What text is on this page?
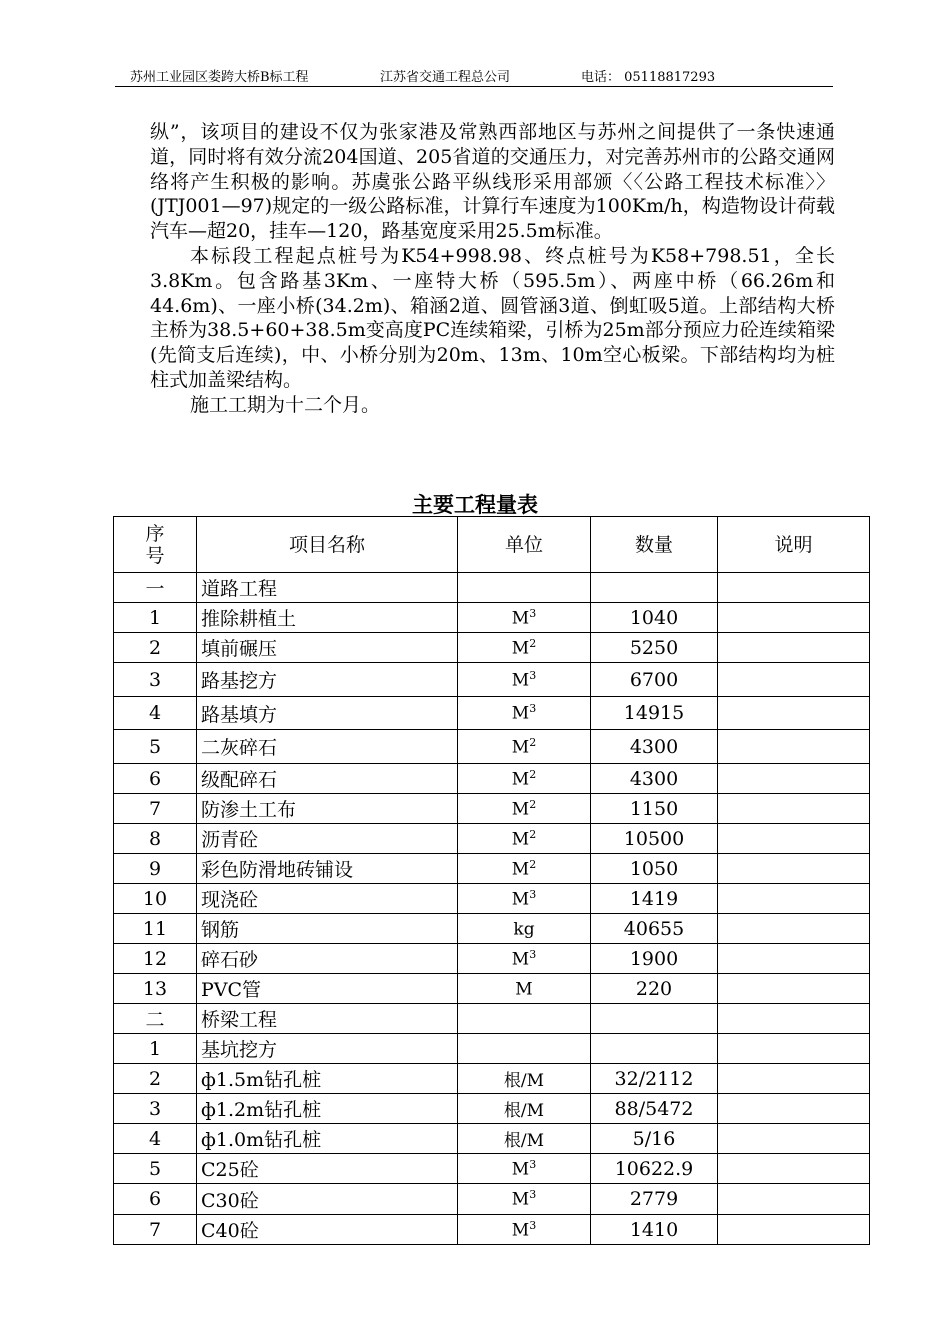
苏州工业园区娄跨大桥B标工程	江苏省交通工程总公司	电话： 05118817293

纵”，该项目的建设不仅为张家港及常熟西部地区与苏州之间提供了一条快速通道，同时将有效分流204国道、205省道的交通压力，对完善苏州市的公路交通网络将产生积极的影响。苏虞张公路平纵线形采用部颁〈〈公路工程技术标准〉〉(JTJ001—97)规定的一级公路标准，计算行车速度为100Km/h，构造物设计荷载汽车—超20，挂车—120，路基宽度采用25.5m标准。

本标段工程起点桩号为K54+998.98、终点桩号为K58+798.51，全长3.8Km。包含路基3Km、一座特大桥（595.5m）、两座中桥（66.26m和44.6m)、一座小桥(34.2m)、箱涵2道、圆管涵3道、倒虹吸5道。上部结构大桥主桥为38.5+60+38.5m变高度PC连续箱梁，引桥为25m部分预应力砼连续箱梁(先简支后连续)，中、小桥分别为20m、13m、10m空心板梁。下部结构均为桩柱式加盖梁结构。

施工工期为十二个月。

主要工程量表
序号	项目名称	单位	数量	说明
一	道路工程			
1	推除耕植土	$M^3$	1040	
2	填前碾压	$M^2$	5250	
3	路基挖方	$M^3$	6700	
4	路基填方	$M^3$	14915	
5	二灰碎石	$M^2$	4300	
6	级配碎石	$M^2$	4300	
7	防渗土工布	$M^2$	1150	
8	沥青砼	$M^2$	10500	
9	彩色防滑地砖铺设	$M^2$	1050	
10	现浇砼	$M^3$	1419	
11	钢筋	kg	40655	
12	碎石砂	$M^3$	1900	
13	PVC管	M	220	
二	桥梁工程			
1	基坑挖方			
2	ф1.5m钻孔桩	根/M	32/2112	
3	ф1.2m钻孔桩	根/M	88/5472	
4	ф1.0m钻孔桩	根/M	5/16	
5	C25砼	$M^3$	10622.9	
6	C30砼	$M^3$	2779	
7	C40砼	$M^3$	1410	
